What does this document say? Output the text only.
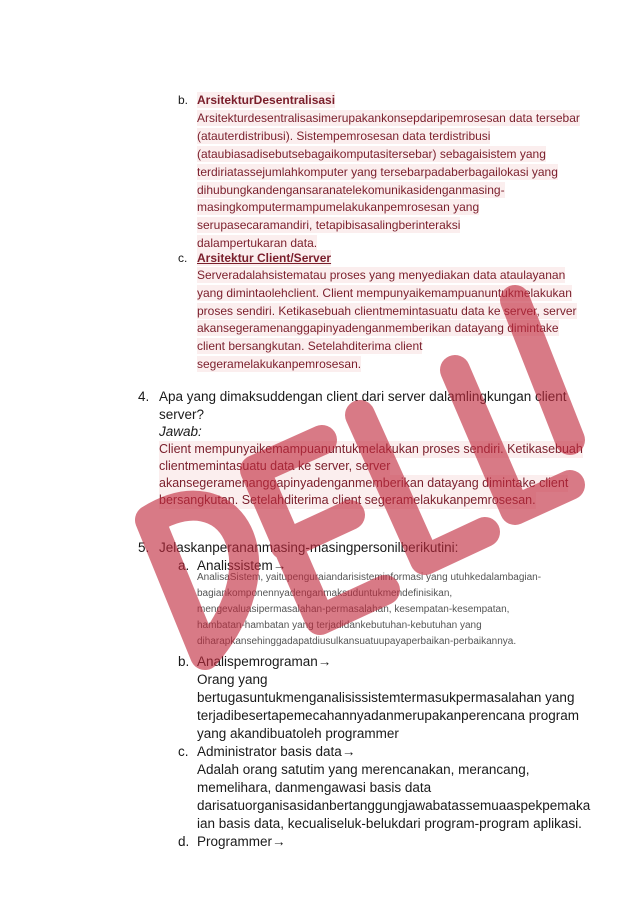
b. ArsitekturDesentralisasi
Arsitekturdesentralisasimerupakankonsepdaripemrosesan data tersebar
(atauterdistribusi). Sistempemrosesan data terdistribusi
(ataubiasadisebutsebagaikomputasitersebar) sebagaisistem yang
terdiriatassejumlahkomputer yang tersebarpadaberbagailokasi yang
dihubungkandengansaranatelekomunikasidenganmasing-
masingkomputermampumelakukanpemrosesan yang
serupasecaramandiri, tetapibisasalingberinteraksi
dalampertukaran data.
c. Arsitektur Client/Server
Serveradalahsistematau proses yang menyediakan data ataulayanan
yang dimintaolehclient. Client mempunyaikemampuanuntukmelakukan
proses sendiri. Ketikasebuah clientmemintasuatu data ke server, server
akansegeramenanggapinyadenganmemberikan datayang dimintake
client bersangkutan. Setelahditerima client
segeramelakukanpemrosesan.
4. Apa yang dimaksuddengan client dari server dalamlingkungan client
server?
Jawab:
Client mempunyaikemampuanuntukmelakukan proses sendiri. Ketikasebuah
clientmemintasuatu data ke server, server
akansegeramenanggapinyadenganmemberikan datayang dimintake client
bersangkutan. Setelahditerima client segeramelakukanpemrosesan.
5. Jelaskanperananmasing-masingpersonilberikutini:
a. Analissistem→
AnalisaSistem, yaitupenguraiandarisisteminformasi yang utuhkedalambagian-
bagiankomponennyadenganmaksuduntukmendefinisikan,
mengevaluasipermasalahan-permasalahan, kesempatan-kesempatan,
hambatan-hambatan yang terjadidankebutuhan-kebutuhan yang
diharapkansehinggadapatdiusulkansuatuupayaperbaikan-perbaikannya.
b. Analispemrograman→
Orang yang
bertugasuntukmenganalisissistemtermasukpermasalahan yang
terjadibesertapemecahannyadanmerupakanperencana program
yang akandibuatoleh programmer
c. Administrator basis data→
Adalah orang satutim yang merencanakan, merancang,
memelihara, danmengawasi basis data
darisatuorganisasidanbertanggungjawabatassemuaaspekpemaka
ian basis data, kecualiseluk-belukdari program-program aplikasi.
d. Programmer→
